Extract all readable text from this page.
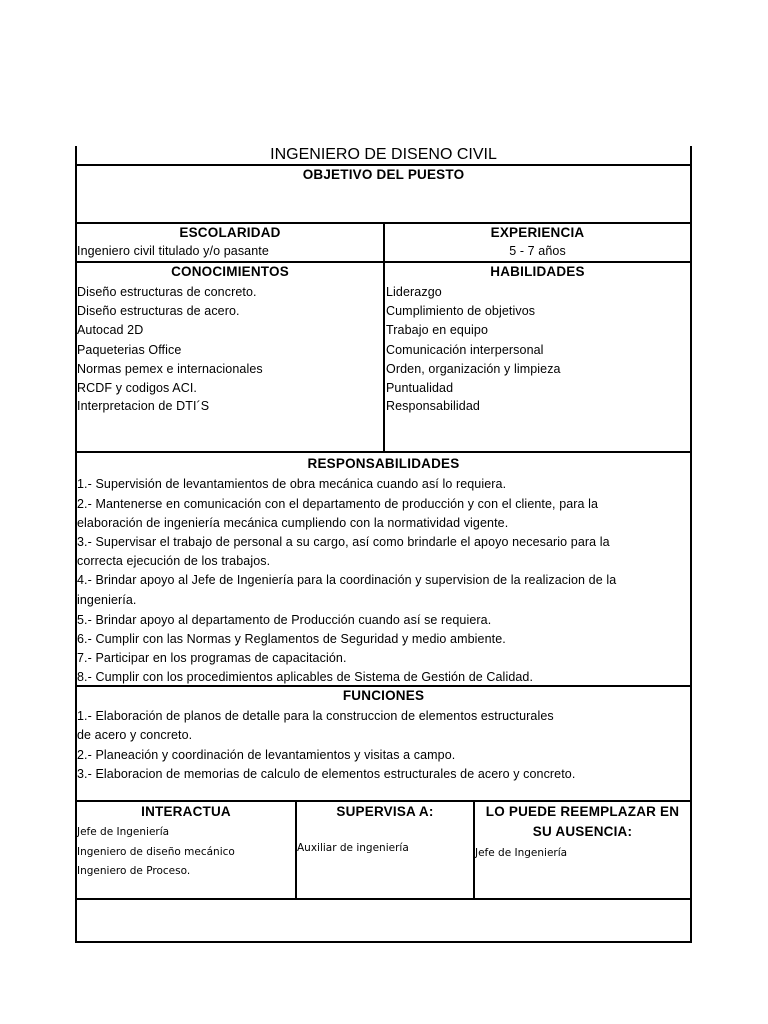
INGENIERO DE DISENO CIVIL
OBJETIVO DEL PUESTO
ESCOLARIDAD
Ingeniero civil titulado y/o pasante
EXPERIENCIA
5 - 7 años
CONOCIMIENTOS	HABILIDADES
Diseño estructuras de concreto.
Diseño estructuras de acero.
Autocad 2D
Paqueterias Office
Normas pemex e internacionales
RCDF y codigos ACI.
Interpretacion de DTI´S
Liderazgo
Cumplimiento de objetivos
Trabajo en equipo
Comunicación interpersonal
Orden, organización y limpieza
Puntualidad
Responsabilidad
RESPONSABILIDADES
1.- Supervisión de levantamientos de obra mecánica cuando así lo requiera.
2.- Mantenerse en comunicación con el departamento de producción y con el cliente, para la
elaboración de ingeniería mecánica cumpliendo con la normatividad vigente.
3.- Supervisar el trabajo de personal a su cargo, así como brindarle el apoyo necesario para la
correcta ejecución de los trabajos.
4.- Brindar apoyo al Jefe de Ingeniería para la coordinación y supervision de la realizacion de la
ingeniería.
5.- Brindar apoyo al departamento de Producción cuando así se requiera.
6.- Cumplir con las Normas y Reglamentos de Seguridad y medio ambiente.
7.- Participar en los programas de capacitación.
8.- Cumplir con los procedimientos aplicables de Sistema de Gestión de Calidad.
FUNCIONES
1.- Elaboración de planos de detalle para la construccion de elementos estructurales
de acero y concreto.
2.- Planeación y coordinación de levantamientos y visitas a campo.
3.- Elaboracion de memorias de calculo de elementos estructurales de acero y concreto.
INTERACTUA
Jefe de Ingeniería
Ingeniero de diseño mecánico
Ingeniero de Proceso.
SUPERVISA A:
Auxiliar de ingeniería
LO PUEDE REEMPLAZAR EN
SU AUSENCIA:
Jefe de Ingeniería
